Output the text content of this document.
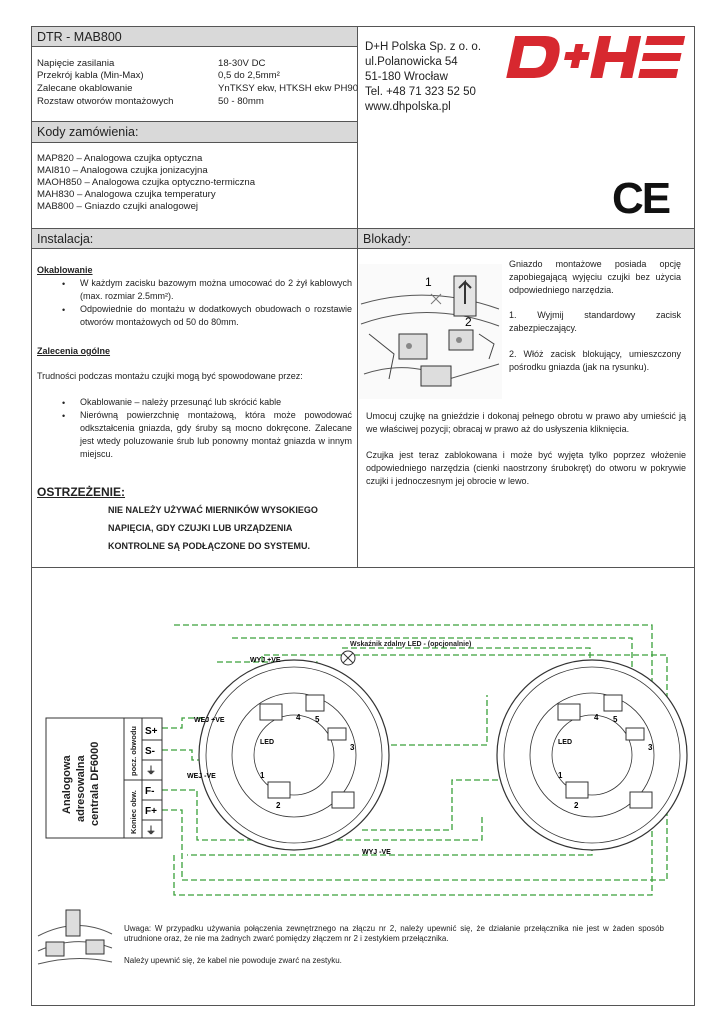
DTR - MAB800
Napięcie zasilania	18-30V DC
Przekrój kabla (Min-Max)	0,5 do 2,5mm²
Zalecane okablowanie	YnTKSY ekw, HTKSH ekw PH90
Rozstaw otworów montażowych	50 - 80mm
D+H Polska Sp. z o. o.
ul.Polanowicka 54
51-180 Wrocław
Tel. +48 71 323 52 50
www.dhpolska.pl
Kody zamówienia:
MAP820 – Analogowa czujka optyczna
MAI810 – Analogowa czujka jonizacyjna
MAOH850 – Analogowa czujka optyczno-termiczna
MAH830 – Analogowa czujka temperatury
MAB800 – Gniazdo czujki analogowej	CE
Instalacja:	Blokady:
Okablowanie
• W każdym zacisku bazowym można umocować do 2 żył kablowych (max. rozmiar 2.5mm²).
• Odpowiednie do montażu w dodatkowych obudowach o rozstawie otworów montażowych od 50 do 80mm.
Zalecenia ogólne
Trudności podczas montażu czujki mogą być spowodowane przez:
• Okablowanie – należy przesunąć lub skrócić kable
• Nierówną powierzchnię montażową, która może powodować odkształcenia gniazda, gdy śruby są mocno dokręcone. Zalecane jest wtedy poluzowanie śrub lub ponowny montaż gniazda w innym miejscu.
OSTRZEŻENIE:
NIE NALEŻY UŻYWAĆ MIERNIKÓW WYSOKIEGO
NAPIĘCIA, GDY CZUJKI LUB URZĄDZENIA
KONTROLNE SĄ PODŁĄCZONE DO SYSTEMU.
1
2
Gniazdo montażowe posiada opcję zapobiegającą wyjęciu czujki bez użycia odpowiedniego narzędzia.
1. Wyjmij standardowy zacisk zabezpieczający.
2. Włóż zacisk blokujący, umieszczony pośrodku gniazda (jak na rysunku).
Umocuj czujkę na gnieździe i dokonaj pełnego obrotu w prawo aby umieścić ją we właściwej pozycji; obracaj w prawo aż do usłyszenia kliknięcia.
Czujka jest teraz zablokowana i może być wyjęta tylko poprzez włożenie odpowiedniego narzędzia (cienki naostrzony śrubokręt) do otworu w pokrywie czujki i jednoczesnym jej obrocie w lewo.
Analogowa adresowalna centrala DF6000	pocz. obwodu
Koniec obw.
S+
S-
⏚
F-
F+
⏚
Wskaźnik zdalny LED - (opcjonalnie)
4 5
1
2
3
LED
4 5
1
2
3
LED
WYJ +VE
WEJ +VE
WEJ -VE
WYJ -VE
Uwaga: W przypadku używania połączenia zewnętrznego na złączu nr 2, należy upewnić się, że działanie przełącznika nie jest w żaden sposób utrudnione oraz, że nie ma żadnych zwarć pomiędzy złączem nr 2 i zestykiem przełącznika.
Należy upewnić się, że kabel nie powoduje zwarć na zestyku.
